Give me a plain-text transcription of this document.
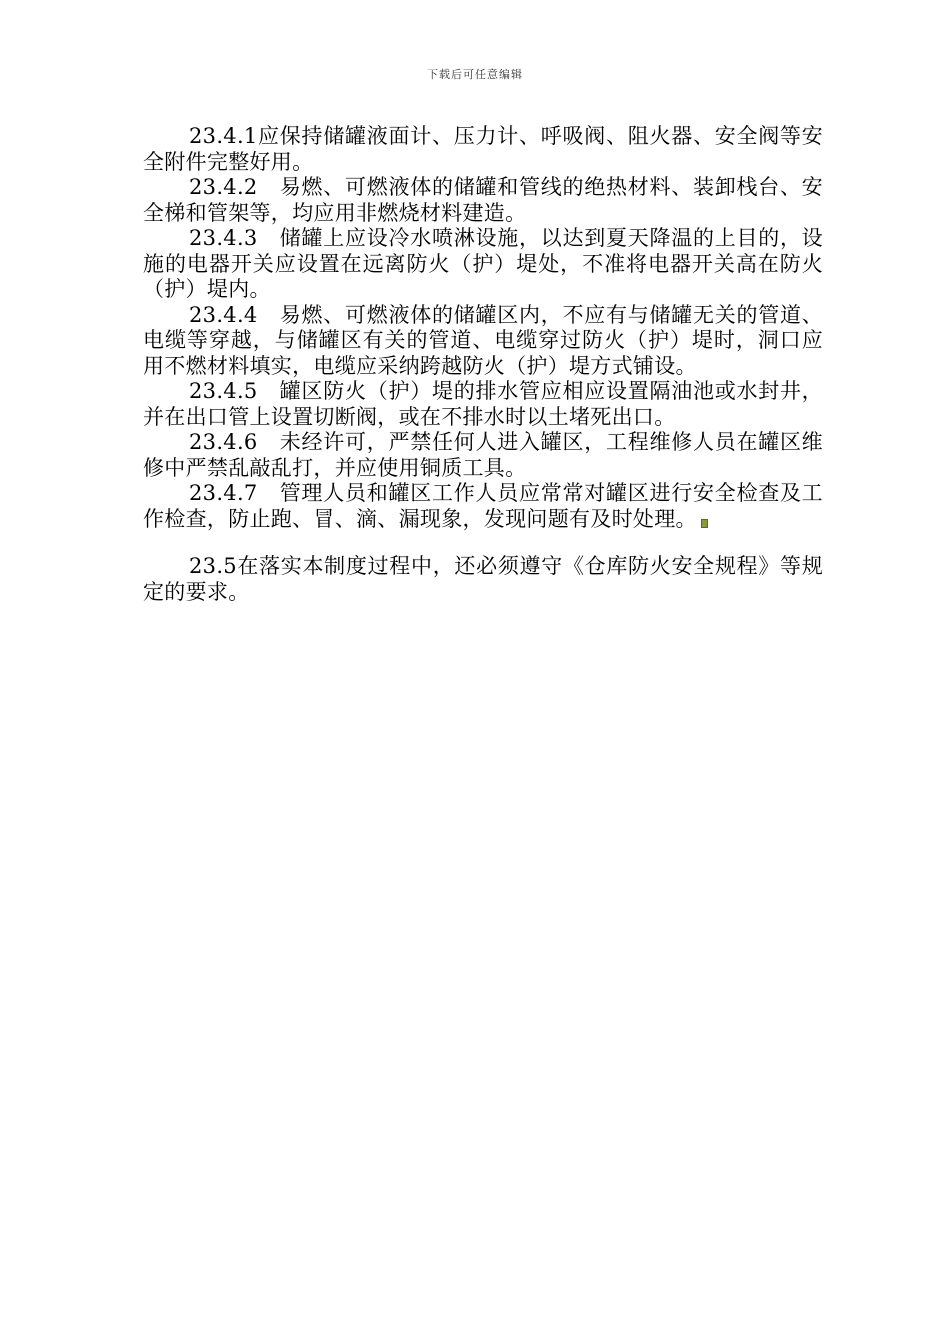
下载后可任意编辑

23.4.1应保持储罐液面计、压力计、呼吸阀、阻火器、安全阀等安全附件完整好用。

23.4.2　易燃、可燃液体的储罐和管线的绝热材料、装卸栈台、安全梯和管架等，均应用非燃烧材料建造。

23.4.3　储罐上应设冷水喷淋设施，以达到夏天降温的上目的，设施的电器开关应设置在远离防火（护）堤处，不准将电器开关高在防火（护）堤内。

23.4.4　易燃、可燃液体的储罐区内，不应有与储罐无关的管道、电缆等穿越，与储罐区有关的管道、电缆穿过防火（护）堤时，洞口应用不燃材料填实，电缆应采纳跨越防火（护）堤方式铺设。

23.4.5　罐区防火（护）堤的排水管应相应设置隔油池或水封井，并在出口管上设置切断阀，或在不排水时以土堵死出口。

23.4.6　未经许可，严禁任何人进入罐区，工程维修人员在罐区维修中严禁乱敲乱打，并应使用铜质工具。

23.4.7　管理人员和罐区工作人员应常常对罐区进行安全检查及工作检查，防止跑、冒、滴、漏现象，发现问题有及时处理。

23.5在落实本制度过程中，还必须遵守《仓库防火安全规程》等规定的要求。
